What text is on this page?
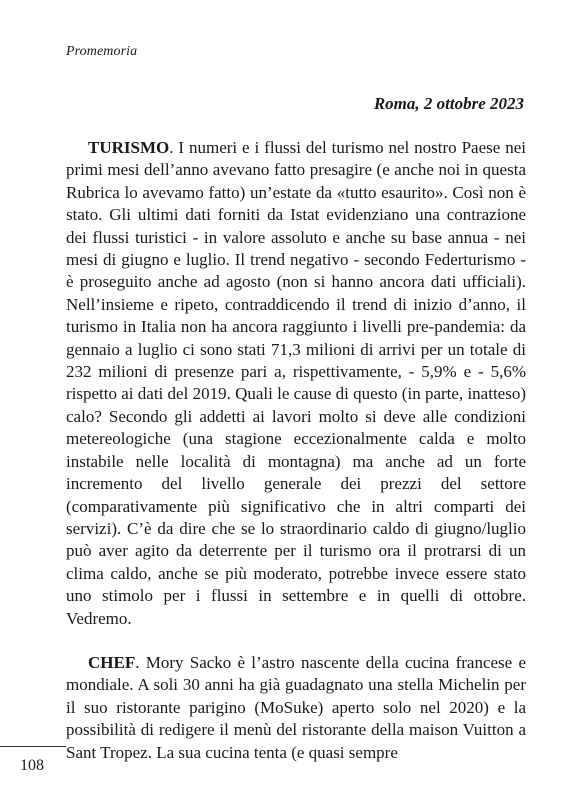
Promemoria
Roma, 2 ottobre 2023

TURISMO. I numeri e i flussi del turismo nel nostro Paese nei primi mesi dell’anno avevano fatto presagire (e anche noi in questa Rubrica lo avevamo fatto) un’estate da «tutto esaurito». Così non è stato. Gli ultimi dati forniti da Istat evidenziano una contrazione dei flussi turistici - in valore assoluto e anche su base annua - nei mesi di giugno e luglio. Il trend negativo - secondo Federturismo - è proseguito anche ad agosto (non si hanno ancora dati ufficiali). Nell’insieme e ripeto, contraddicendo il trend di inizio d’anno, il turismo in Italia non ha ancora raggiunto i livelli pre-pandemia: da gennaio a luglio ci sono stati 71,3 milioni di arrivi per un totale di 232 milioni di presenze pari a, rispettivamente, - 5,9% e - 5,6% rispetto ai dati del 2019. Quali le cause di questo (in parte, inatteso) calo? Secondo gli addetti ai lavori molto si deve alle condizioni metereologiche (una stagione eccezionalmente calda e molto instabile nelle località di montagna) ma anche ad un forte incremento del livello generale dei prezzi del settore (comparativamente più significativo che in altri comparti dei servizi). C’è da dire che se lo straordinario caldo di giugno/luglio può aver agito da deterrente per il turismo ora il protrarsi di un clima caldo, anche se più moderato, potrebbe invece essere stato uno stimolo per i flussi in settembre e in quelli di ottobre. Vedremo.

CHEF. Mory Sacko è l’astro nascente della cucina francese e mondiale. A soli 30 anni ha già guadagnato una stella Michelin per il suo ristorante parigino (MoSuke) aperto solo nel 2020) e la possibilità di redigere il menù del ristorante della maison Vuitton a Sant Tropez. La sua cucina tenta (e quasi sempre

108
